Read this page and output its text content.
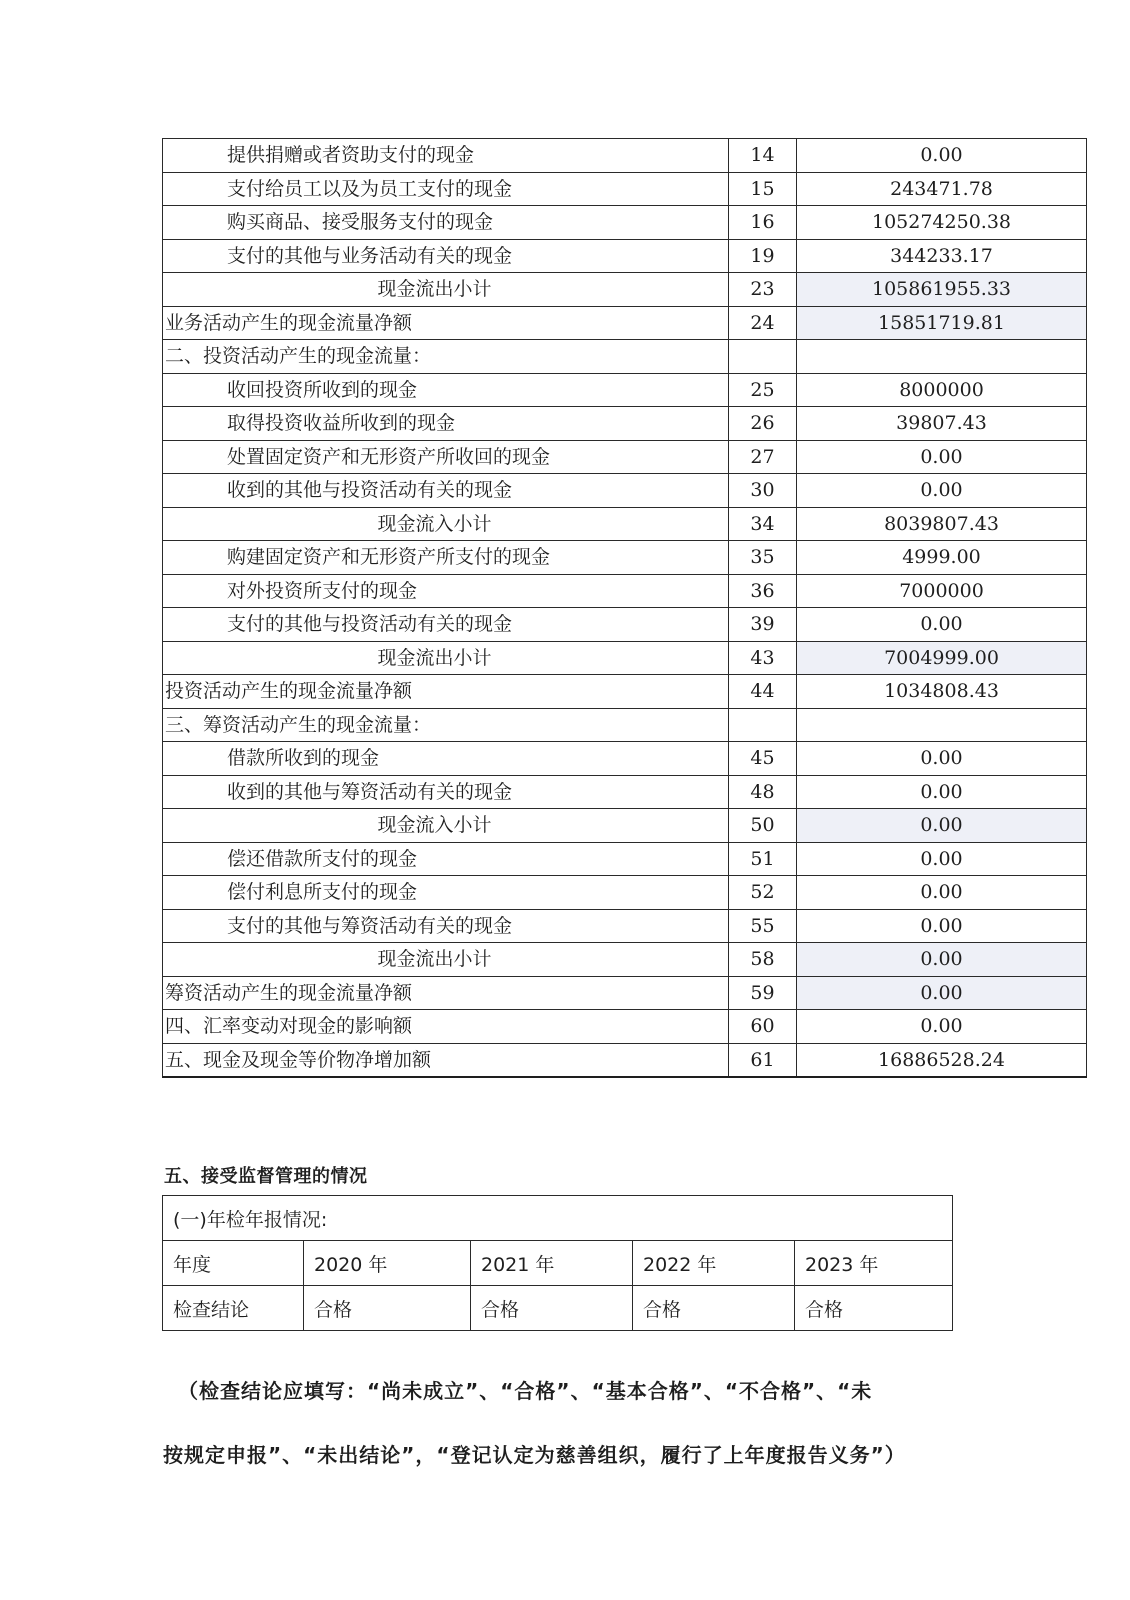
提供捐赠或者资助支付的现金	14	0.00
支付给员工以及为员工支付的现金	15	243471.78
购买商品、接受服务支付的现金	16	105274250.38
支付的其他与业务活动有关的现金	19	344233.17
现金流出小计	23	105861955.33
业务活动产生的现金流量净额	24	15851719.81
二、投资活动产生的现金流量：		
收回投资所收到的现金	25	8000000
取得投资收益所收到的现金	26	39807.43
处置固定资产和无形资产所收回的现金	27	0.00
收到的其他与投资活动有关的现金	30	0.00
现金流入小计	34	8039807.43
购建固定资产和无形资产所支付的现金	35	4999.00
对外投资所支付的现金	36	7000000
支付的其他与投资活动有关的现金	39	0.00
现金流出小计	43	7004999.00
投资活动产生的现金流量净额	44	1034808.43
三、筹资活动产生的现金流量：		
借款所收到的现金	45	0.00
收到的其他与筹资活动有关的现金	48	0.00
现金流入小计	50	0.00
偿还借款所支付的现金	51	0.00
偿付利息所支付的现金	52	0.00
支付的其他与筹资活动有关的现金	55	0.00
现金流出小计	58	0.00
筹资活动产生的现金流量净额	59	0.00
四、汇率变动对现金的影响额	60	0.00
五、现金及现金等价物净增加额	61	16886528.24
五、接受监督管理的情况
(一)年检年报情况:				
年度	2020 年	2021 年	2022 年	2023 年
检查结论	合格	合格	合格	合格
（检查结论应填写：“尚未成立”、“合格”、“基本合格”、“不合格”、“未
按规定申报”、“未出结论”，“登记认定为慈善组织，履行了上年度报告义务”）
